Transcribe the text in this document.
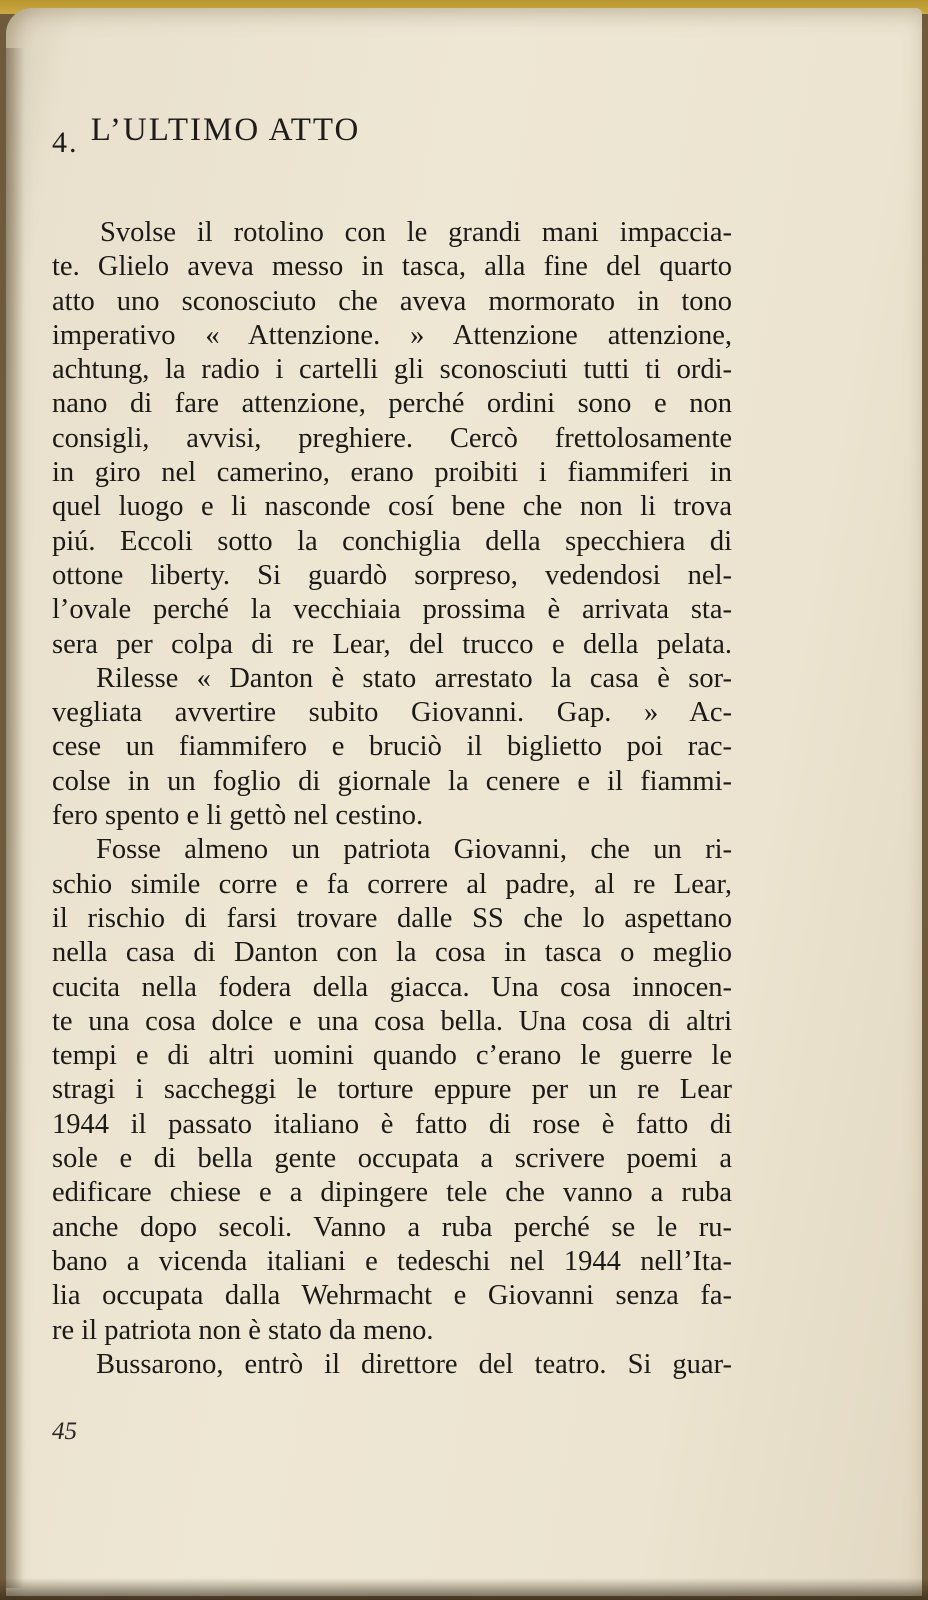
4. L’ULTIMO ATTO
Svolse il rotolino con le grandi mani impaccia-
te. Glielo aveva messo in tasca, alla fine del quarto
atto uno sconosciuto che aveva mormorato in tono
imperativo « Attenzione. » Attenzione attenzione,
achtung, la radio i cartelli gli sconosciuti tutti ti ordi-
nano di fare attenzione, perché ordini sono e non
consigli, avvisi, preghiere. Cercò frettolosamente
in giro nel camerino, erano proibiti i fiammiferi in
quel luogo e li nasconde cosí bene che non li trova
piú. Eccoli sotto la conchiglia della specchiera di
ottone liberty. Si guardò sorpreso, vedendosi nel-
l’ovale perché la vecchiaia prossima è arrivata sta-
sera per colpa di re Lear, del trucco e della pelata.
Rilesse « Danton è stato arrestato la casa è sor-
vegliata avvertire subito Giovanni. Gap. » Ac-
cese un fiammifero e bruciò il biglietto poi rac-
colse in un foglio di giornale la cenere e il fiammi-
fero spento e li gettò nel cestino.
Fosse almeno un patriota Giovanni, che un ri-
schio simile corre e fa correre al padre, al re Lear,
il rischio di farsi trovare dalle SS che lo aspettano
nella casa di Danton con la cosa in tasca o meglio
cucita nella fodera della giacca. Una cosa innocen-
te una cosa dolce e una cosa bella. Una cosa di altri
tempi e di altri uomini quando c’erano le guerre le
stragi i saccheggi le torture eppure per un re Lear
1944 il passato italiano è fatto di rose è fatto di
sole e di bella gente occupata a scrivere poemi a
edificare chiese e a dipingere tele che vanno a ruba
anche dopo secoli. Vanno a ruba perché se le ru-
bano a vicenda italiani e tedeschi nel 1944 nell’Ita-
lia occupata dalla Wehrmacht e Giovanni senza fa-
re il patriota non è stato da meno.
Bussarono, entrò il direttore del teatro. Si guar-
45
